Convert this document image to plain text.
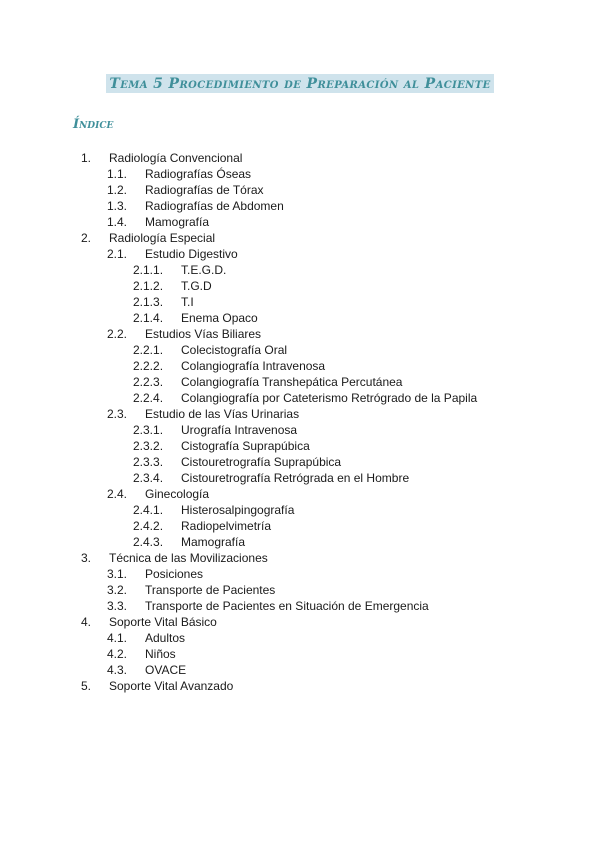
Tema 5 Procedimiento de Preparación al Paciente
Índice
1. Radiología Convencional
1.1. Radiografías Óseas
1.2. Radiografías de Tórax
1.3. Radiografías de Abdomen
1.4. Mamografía
2. Radiología Especial
2.1. Estudio Digestivo
2.1.1. T.E.G.D.
2.1.2. T.G.D
2.1.3. T.I
2.1.4. Enema Opaco
2.2. Estudios Vías Biliares
2.2.1. Colecistografía Oral
2.2.2. Colangiografía Intravenosa
2.2.3. Colangiografía Transhepática Percutánea
2.2.4. Colangiografía por Cateterismo Retrógrado de la Papila
2.3. Estudio de las Vías Urinarias
2.3.1. Urografía Intravenosa
2.3.2. Cistografía Suprapúbica
2.3.3. Cistouretrografía Suprapúbica
2.3.4. Cistouretrografía Retrógrada en el Hombre
2.4. Ginecología
2.4.1. Histerosalpingografía
2.4.2. Radiopelvimetría
2.4.3. Mamografía
3. Técnica de las Movilizaciones
3.1. Posiciones
3.2. Transporte de Pacientes
3.3. Transporte de Pacientes en Situación de Emergencia
4. Soporte Vital Básico
4.1. Adultos
4.2. Niños
4.3. OVACE
5. Soporte Vital Avanzado
